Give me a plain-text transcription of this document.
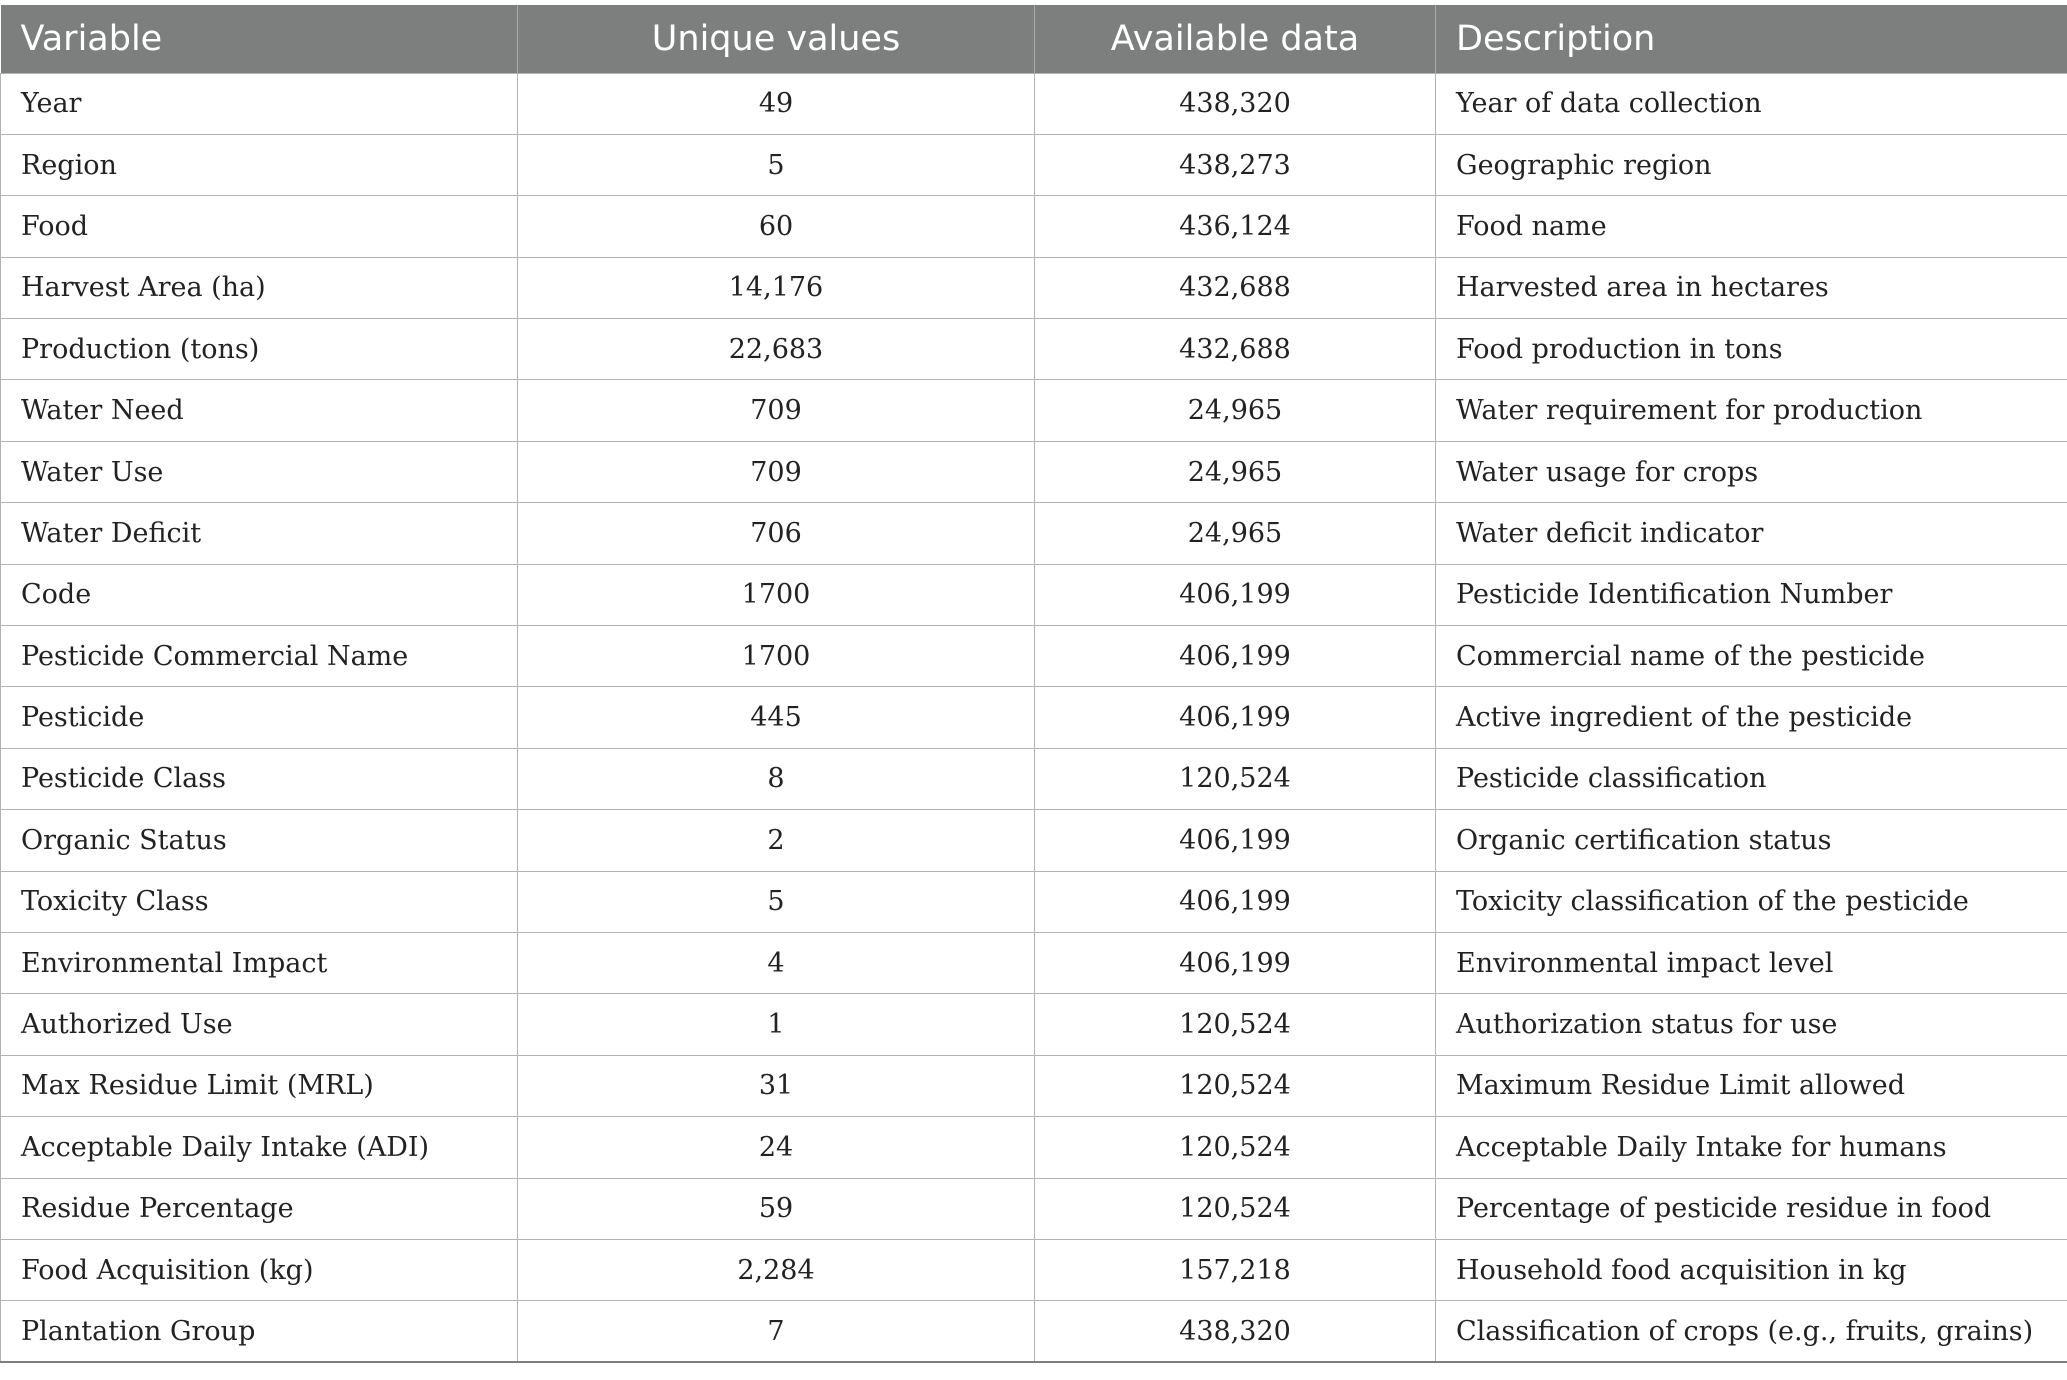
Variable	Unique values	Available data	Description
Year	49	438,320	Year of data collection
Region	5	438,273	Geographic region
Food	60	436,124	Food name
Harvest Area (ha)	14,176	432,688	Harvested area in hectares
Production (tons)	22,683	432,688	Food production in tons
Water Need	709	24,965	Water requirement for production
Water Use	709	24,965	Water usage for crops
Water Deficit	706	24,965	Water deficit indicator
Code	1700	406,199	Pesticide Identification Number
Pesticide Commercial Name	1700	406,199	Commercial name of the pesticide
Pesticide	445	406,199	Active ingredient of the pesticide
Pesticide Class	8	120,524	Pesticide classification
Organic Status	2	406,199	Organic certification status
Toxicity Class	5	406,199	Toxicity classification of the pesticide
Environmental Impact	4	406,199	Environmental impact level
Authorized Use	1	120,524	Authorization status for use
Max Residue Limit (MRL)	31	120,524	Maximum Residue Limit allowed
Acceptable Daily Intake (ADI)	24	120,524	Acceptable Daily Intake for humans
Residue Percentage	59	120,524	Percentage of pesticide residue in food
Food Acquisition (kg)	2,284	157,218	Household food acquisition in kg
Plantation Group	7	438,320	Classification of crops (e.g., fruits, grains)
